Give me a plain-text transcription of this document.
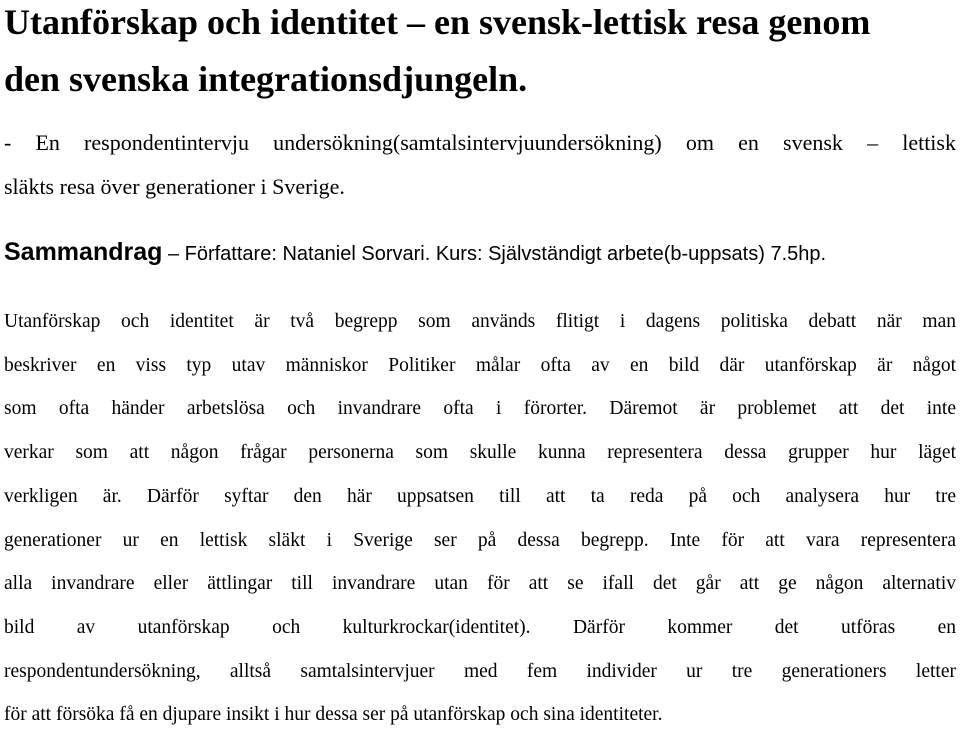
Utanförskap och identitet – en svensk-lettisk resa genom
den svenska integrationsdjungeln.
- En respondentintervju undersökning(samtalsintervjuundersökning) om en svensk – lettisk
släkts resa över generationer i Sverige.
Sammandrag – Författare: Nataniel Sorvari. Kurs: Självständigt arbete(b-uppsats) 7.5hp.
Utanförskap och identitet är två begrepp som används flitigt i dagens politiska debatt när man
beskriver en viss typ utav människor Politiker målar ofta av en bild där utanförskap är något
som ofta händer arbetslösa och invandrare ofta i förorter. Däremot är problemet att det inte
verkar som att någon frågar personerna som skulle kunna representera dessa grupper hur läget
verkligen är. Därför syftar den här uppsatsen till att ta reda på och analysera hur tre
generationer ur en lettisk släkt i Sverige ser på dessa begrepp. Inte för att vara representera
alla invandrare eller ättlingar till invandrare utan för att se ifall det går att ge någon alternativ
bild av utanförskap och kulturkrockar(identitet). Därför kommer det utföras en
respondentundersökning, alltså samtalsintervjuer med fem individer ur tre generationers letter
för att försöka få en djupare insikt i hur dessa ser på utanförskap och sina identiteter.
